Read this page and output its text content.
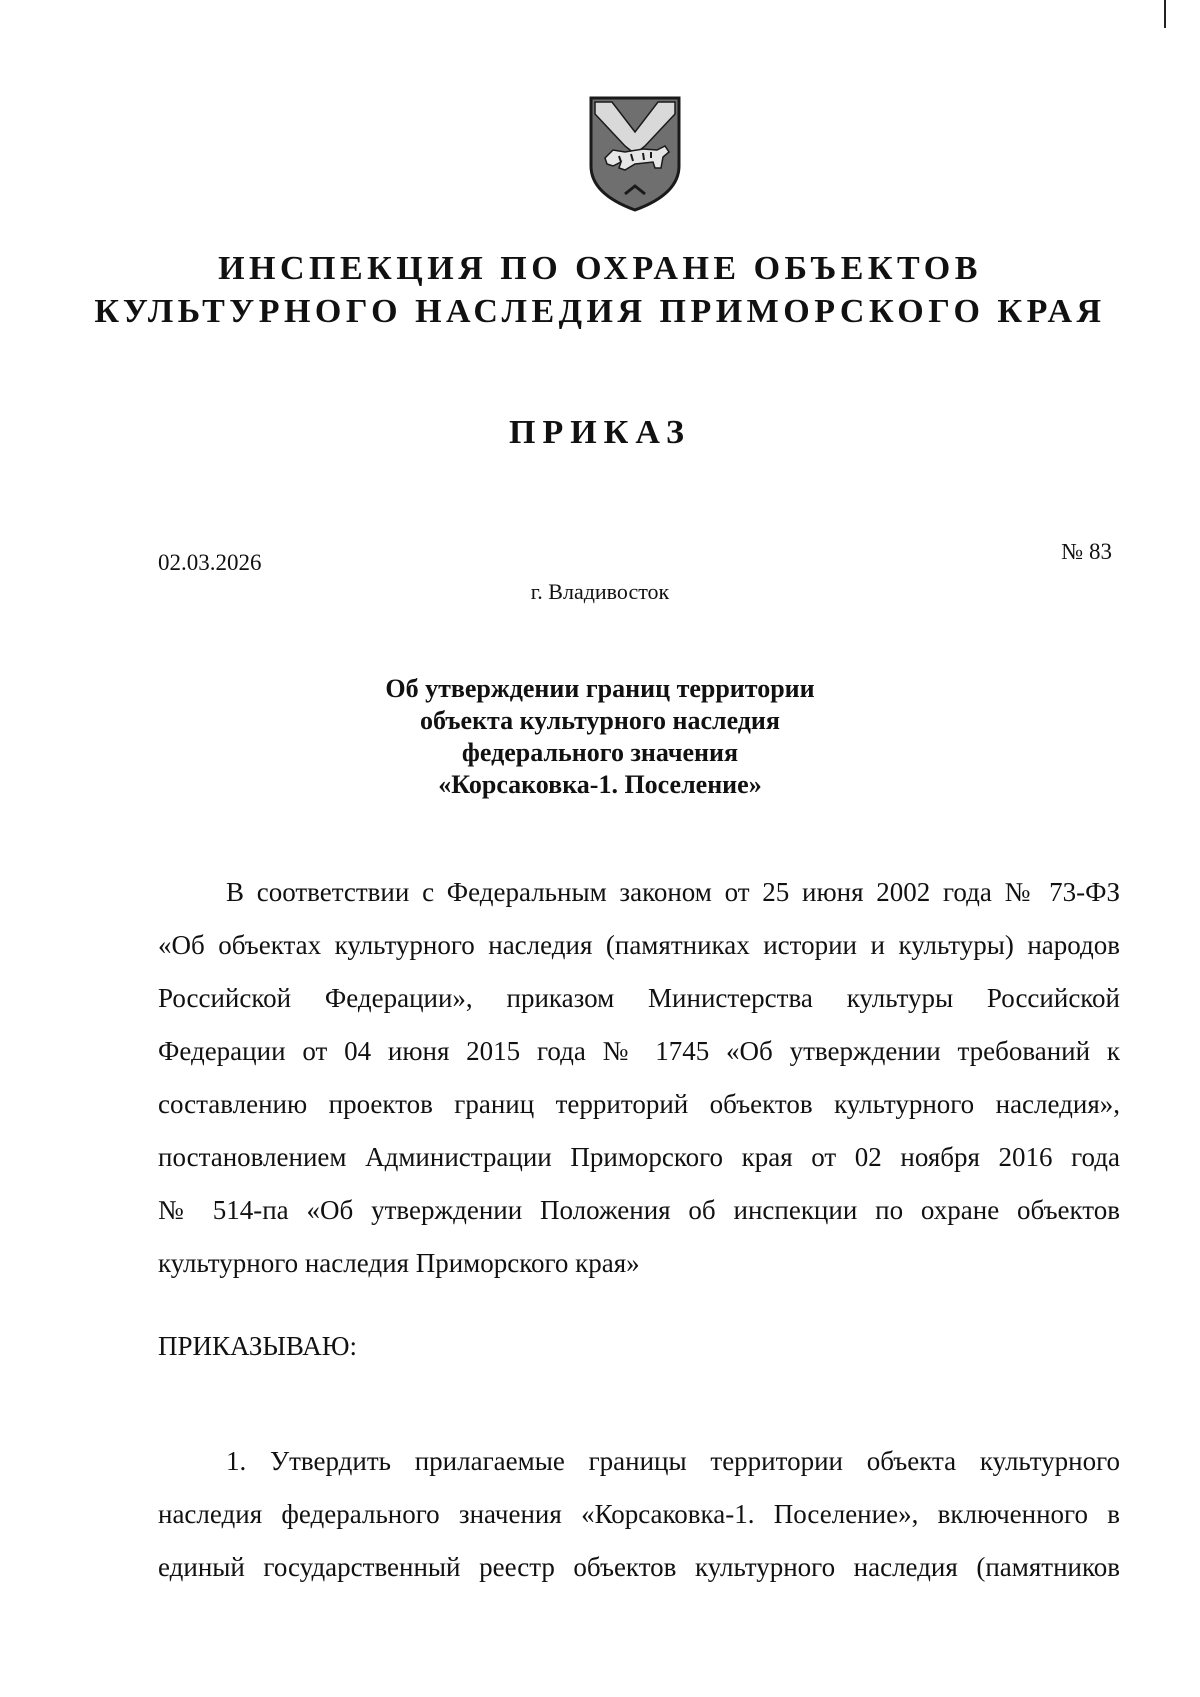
ИНСПЕКЦИЯ ПО ОХРАНЕ ОБЪЕКТОВ
КУЛЬТУРНОГО НАСЛЕДИЯ ПРИМОРСКОГО КРАЯ
ПРИКАЗ
02.03.2026	№ 83
г. Владивосток
Об утверждении границ территории
объекта культурного наследия
федерального значения
«Корсаковка-1. Поселение»
В соответствии с Федеральным законом от 25 июня 2002 года № 73-ФЗ
«Об объектах культурного наследия (памятниках истории и культуры) народов
Российской Федерации», приказом Министерства культуры Российской
Федерации от 04 июня 2015 года № 1745 «Об утверждении требований к
составлению проектов границ территорий объектов культурного наследия»,
постановлением Администрации Приморского края от 02 ноября 2016 года
№ 514-па «Об утверждении Положения об инспекции по охране объектов
культурного наследия Приморского края»
ПРИКАЗЫВАЮ:
1. Утвердить прилагаемые границы территории объекта культурного
наследия федерального значения «Корсаковка-1. Поселение», включенного в
единый государственный реестр объектов культурного наследия (памятников
